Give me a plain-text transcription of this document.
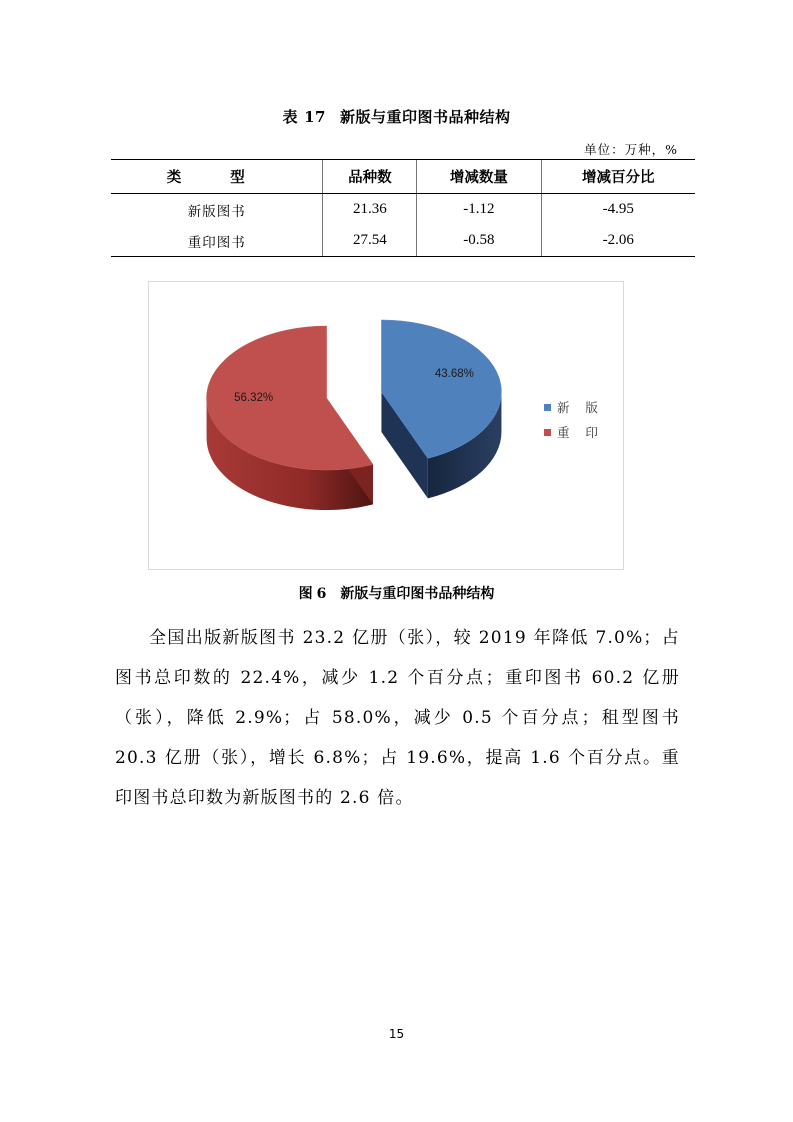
表 17 新版与重印图书品种结构
单位：万种，%
类 型	品种数	增减数量	增减百分比
新版图书	21.36	-1.12	-4.95
重印图书	27.54	-0.58	-2.06
43.68%
56.32%
新    版
重    印
图 6 新版与重印图书品种结构
全国出版新版图书 23.2 亿册（张），较 2019 年降低 7.0%；占图书总印数的 22.4%，减少 1.2 个百分点；重印图书 60.2 亿册（张），降低 2.9%；占 58.0%，减少 0.5 个百分点；租型图书 20.3 亿册（张），增长 6.8%；占 19.6%，提高 1.6 个百分点。重印图书总印数为新版图书的 2.6 倍。
15
